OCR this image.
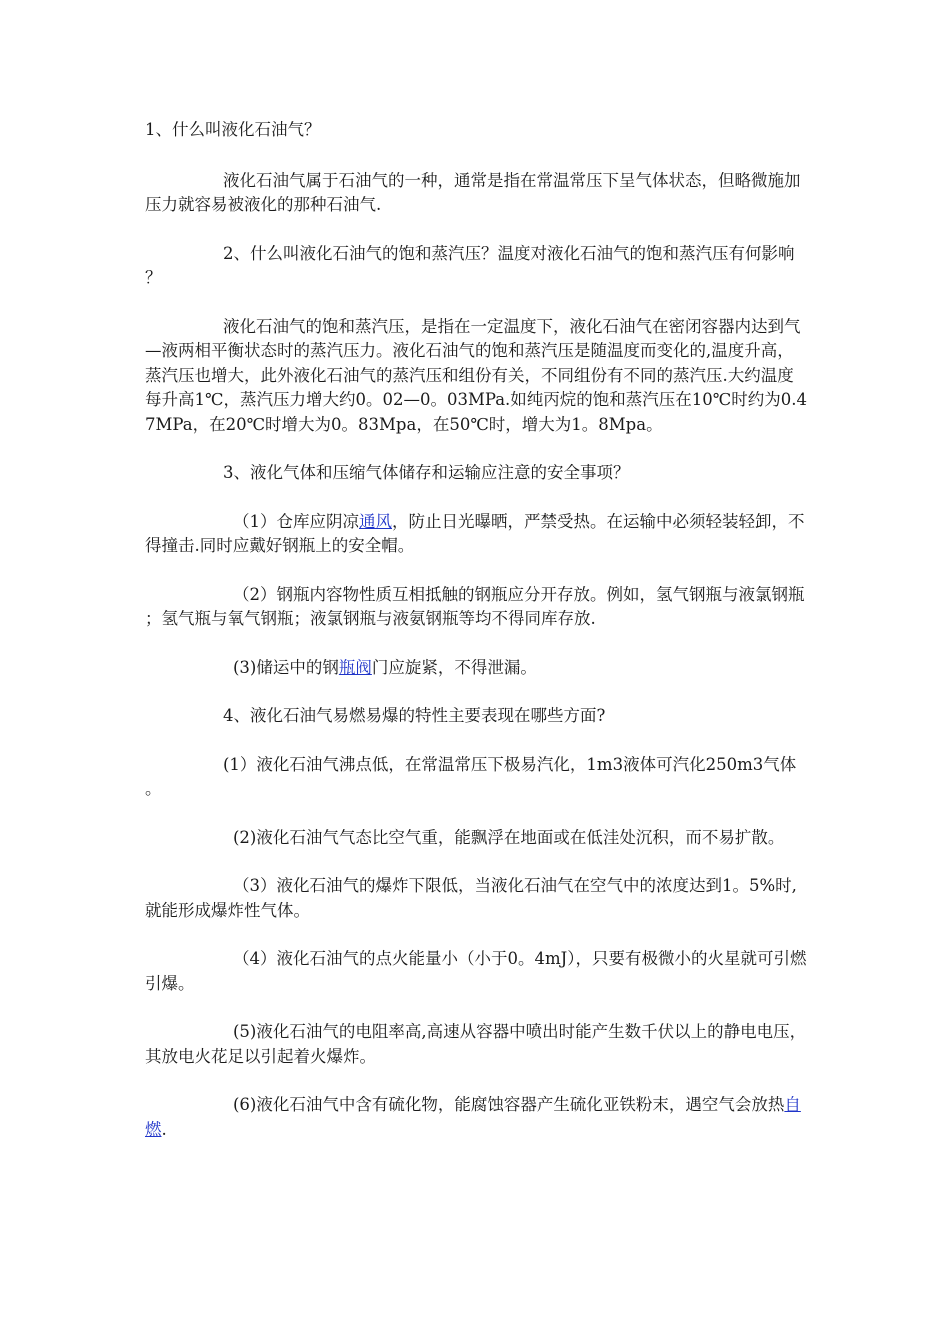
1、什么叫液化石油气？

液化石油气属于石油气的一种，通常是指在常温常压下呈气体状态，但略微施加压力就容易被液化的那种石油气.

2、什么叫液化石油气的饱和蒸汽压？温度对液化石油气的饱和蒸汽压有何影响？

液化石油气的饱和蒸汽压，是指在一定温度下，液化石油气在密闭容器内达到气—液两相平衡状态时的蒸汽压力。液化石油气的饱和蒸汽压是随温度而变化的,温度升高，蒸汽压也增大，此外液化石油气的蒸汽压和组份有关，不同组份有不同的蒸汽压.大约温度每升高1℃，蒸汽压力增大约0。02—0。03MPa.如纯丙烷的饱和蒸汽压在10℃时约为0.47MPa，在20℃时增大为0。83Mpa，在50℃时，增大为1。8Mpa。

3、液化气体和压缩气体储存和运输应注意的安全事项？

（1）仓库应阴凉通风，防止日光曝晒，严禁受热。在运输中必须轻装轻卸，不得撞击.同时应戴好钢瓶上的安全帽。

（2）钢瓶内容物性质互相抵触的钢瓶应分开存放。例如，氢气钢瓶与液氯钢瓶；氢气瓶与氧气钢瓶；液氯钢瓶与液氨钢瓶等均不得同库存放.

(3)储运中的钢瓶阀门应旋紧，不得泄漏。

4、液化石油气易燃易爆的特性主要表现在哪些方面?

(1）液化石油气沸点低，在常温常压下极易汽化，1m3液体可汽化250m3气体。

(2)液化石油气气态比空气重，能飘浮在地面或在低洼处沉积，而不易扩散。

（3）液化石油气的爆炸下限低，当液化石油气在空气中的浓度达到1。5%时,就能形成爆炸性气体。

（4）液化石油气的点火能量小（小于0。4mJ），只要有极微小的火星就可引燃引爆。

(5)液化石油气的电阻率高,高速从容器中喷出时能产生数千伏以上的静电电压，其放电火花足以引起着火爆炸。

(6)液化石油气中含有硫化物，能腐蚀容器产生硫化亚铁粉末，遇空气会放热自燃.
